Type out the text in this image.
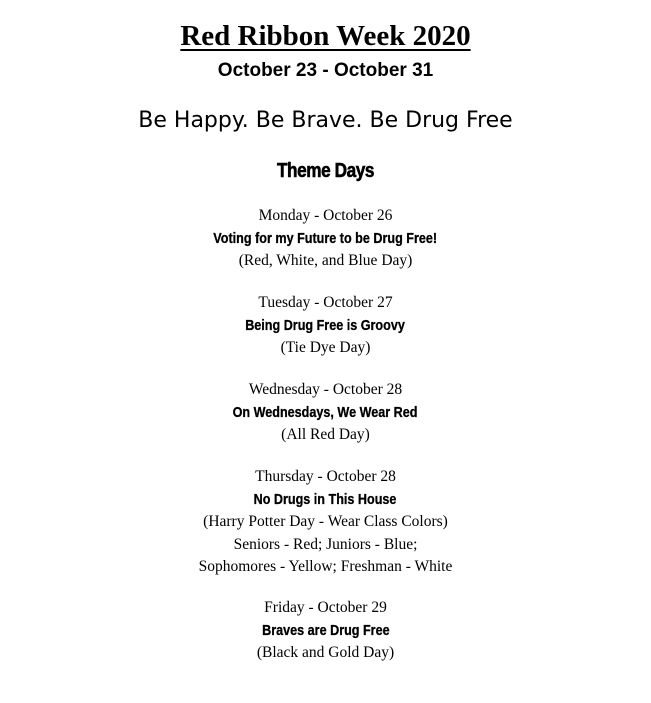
Red Ribbon Week 2020
October 23 - October 31
Be Happy. Be Brave. Be Drug Free
Theme Days
Monday - October 26
Voting for my Future to be Drug Free!
(Red, White, and Blue Day)
Tuesday - October 27
Being Drug Free is Groovy
(Tie Dye Day)
Wednesday - October 28
On Wednesdays, We Wear Red
(All Red Day)
Thursday - October 28
No Drugs in This House
(Harry Potter Day - Wear Class Colors)
Seniors - Red; Juniors - Blue;
Sophomores - Yellow; Freshman - White
Friday - October 29
Braves are Drug Free
(Black and Gold Day)
